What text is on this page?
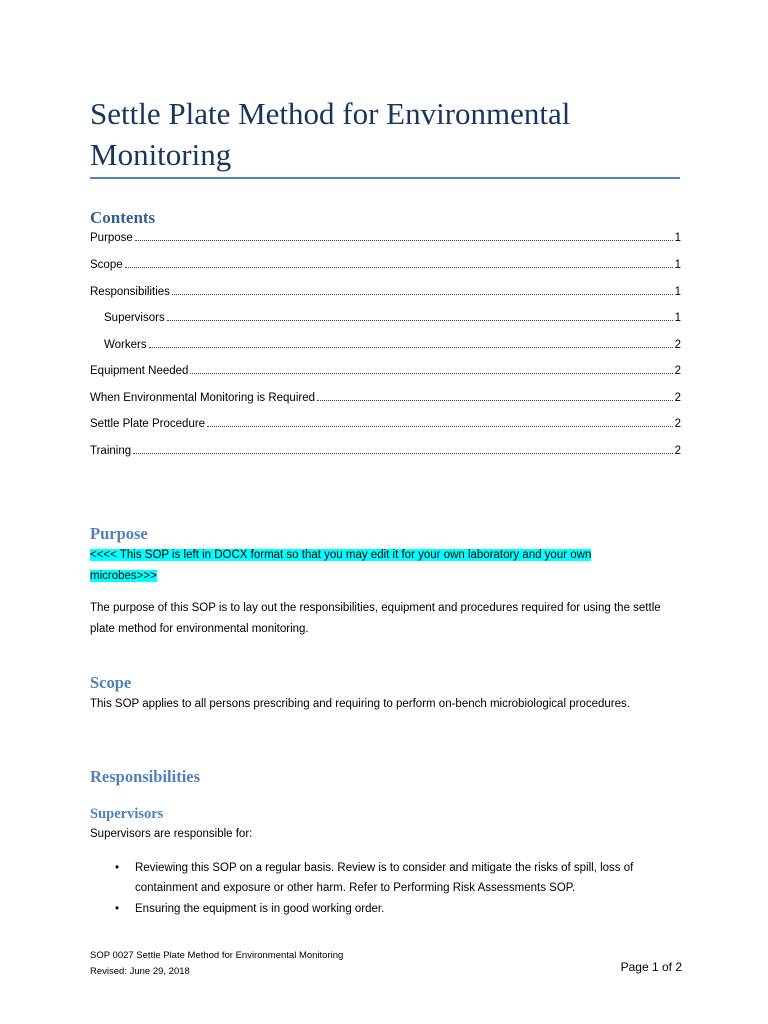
Settle Plate Method for Environmental Monitoring
Contents
Purpose	1
Scope	1
Responsibilities	1
Supervisors	1
Workers	2
Equipment Needed	2
When Environmental Monitoring is Required	2
Settle Plate Procedure	2
Training	2
Purpose

<<<< This SOP is left in DOCX format so that you may edit it for your own laboratory and your own microbes>>>

The purpose of this SOP is to lay out the responsibilities, equipment and procedures required for using the settle plate method for environmental monitoring.

Scope

This SOP applies to all persons prescribing and requiring to perform on-bench microbiological procedures.

Responsibilities
Supervisors

Supervisors are responsible for:

• Reviewing this SOP on a regular basis. Review is to consider and mitigate the risks of spill, loss of containment and exposure or other harm. Refer to Performing Risk Assessments SOP.
• Ensuring the equipment is in good working order.
SOP 0027 Settle Plate Method for Environmental Monitoring
Revised: June 29, 2018	Page 1 of 2
